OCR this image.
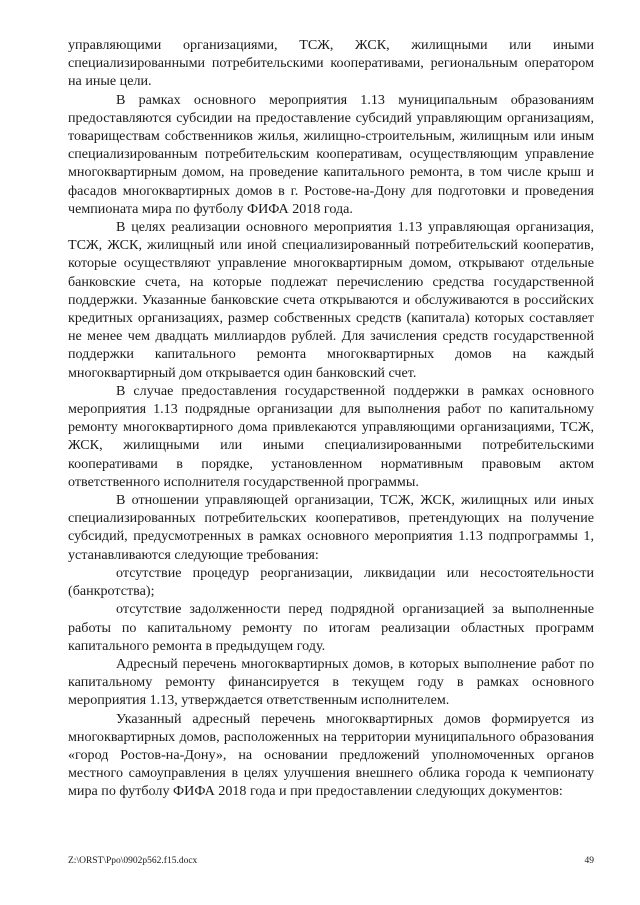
управляющими организациями, ТСЖ, ЖСК, жилищными или иными специализированными потребительскими кооперативами, региональным оператором на иные цели.

В рамках основного мероприятия 1.13 муниципальным образованиям предоставляются субсидии на предоставление субсидий управляющим организациям, товариществам собственников жилья, жилищно-строительным, жилищным или иным специализированным потребительским кооперативам, осуществляющим управление многоквартирным домом, на проведение капитального ремонта, в том числе крыш и фасадов многоквартирных домов в г. Ростове-на-Дону для подготовки и проведения чемпионата мира по футболу ФИФА 2018 года.

В целях реализации основного мероприятия 1.13 управляющая организация, ТСЖ, ЖСК, жилищный или иной специализированный потребительский кооператив, которые осуществляют управление многоквартирным домом, открывают отдельные банковские счета, на которые подлежат перечислению средства государственной поддержки. Указанные банковские счета открываются и обслуживаются в российских кредитных организациях, размер собственных средств (капитала) которых составляет не менее чем двадцать миллиардов рублей. Для зачисления средств государственной поддержки капитального ремонта многоквартирных домов на каждый многоквартирный дом открывается один банковский счет.

В случае предоставления государственной поддержки в рамках основного мероприятия 1.13 подрядные организации для выполнения работ по капитальному ремонту многоквартирного дома привлекаются управляющими организациями, ТСЖ, ЖСК, жилищными или иными специализированными потребительскими кооперативами в порядке, установленном нормативным правовым актом ответственного исполнителя государственной программы.

В отношении управляющей организации, ТСЖ, ЖСК, жилищных или иных специализированных потребительских кооперативов, претендующих на получение субсидий, предусмотренных в рамках основного мероприятия 1.13 подпрограммы 1, устанавливаются следующие требования:

отсутствие процедур реорганизации, ликвидации или несостоятельности (банкротства);

отсутствие задолженности перед подрядной организацией за выполненные работы по капитальному ремонту по итогам реализации областных программ капитального ремонта в предыдущем году.

Адресный перечень многоквартирных домов, в которых выполнение работ по капитальному ремонту финансируется в текущем году в рамках основного мероприятия 1.13, утверждается ответственным исполнителем.

Указанный адресный перечень многоквартирных домов формируется из многоквартирных домов, расположенных на территории муниципального образования «город Ростов-на-Дону», на основании предложений уполномоченных органов местного самоуправления в целях улучшения внешнего облика города к чемпионату мира по футболу ФИФА 2018 года и при предоставлении следующих документов:

Z:\ORST\Ppo\0902p562.f15.docx	49
